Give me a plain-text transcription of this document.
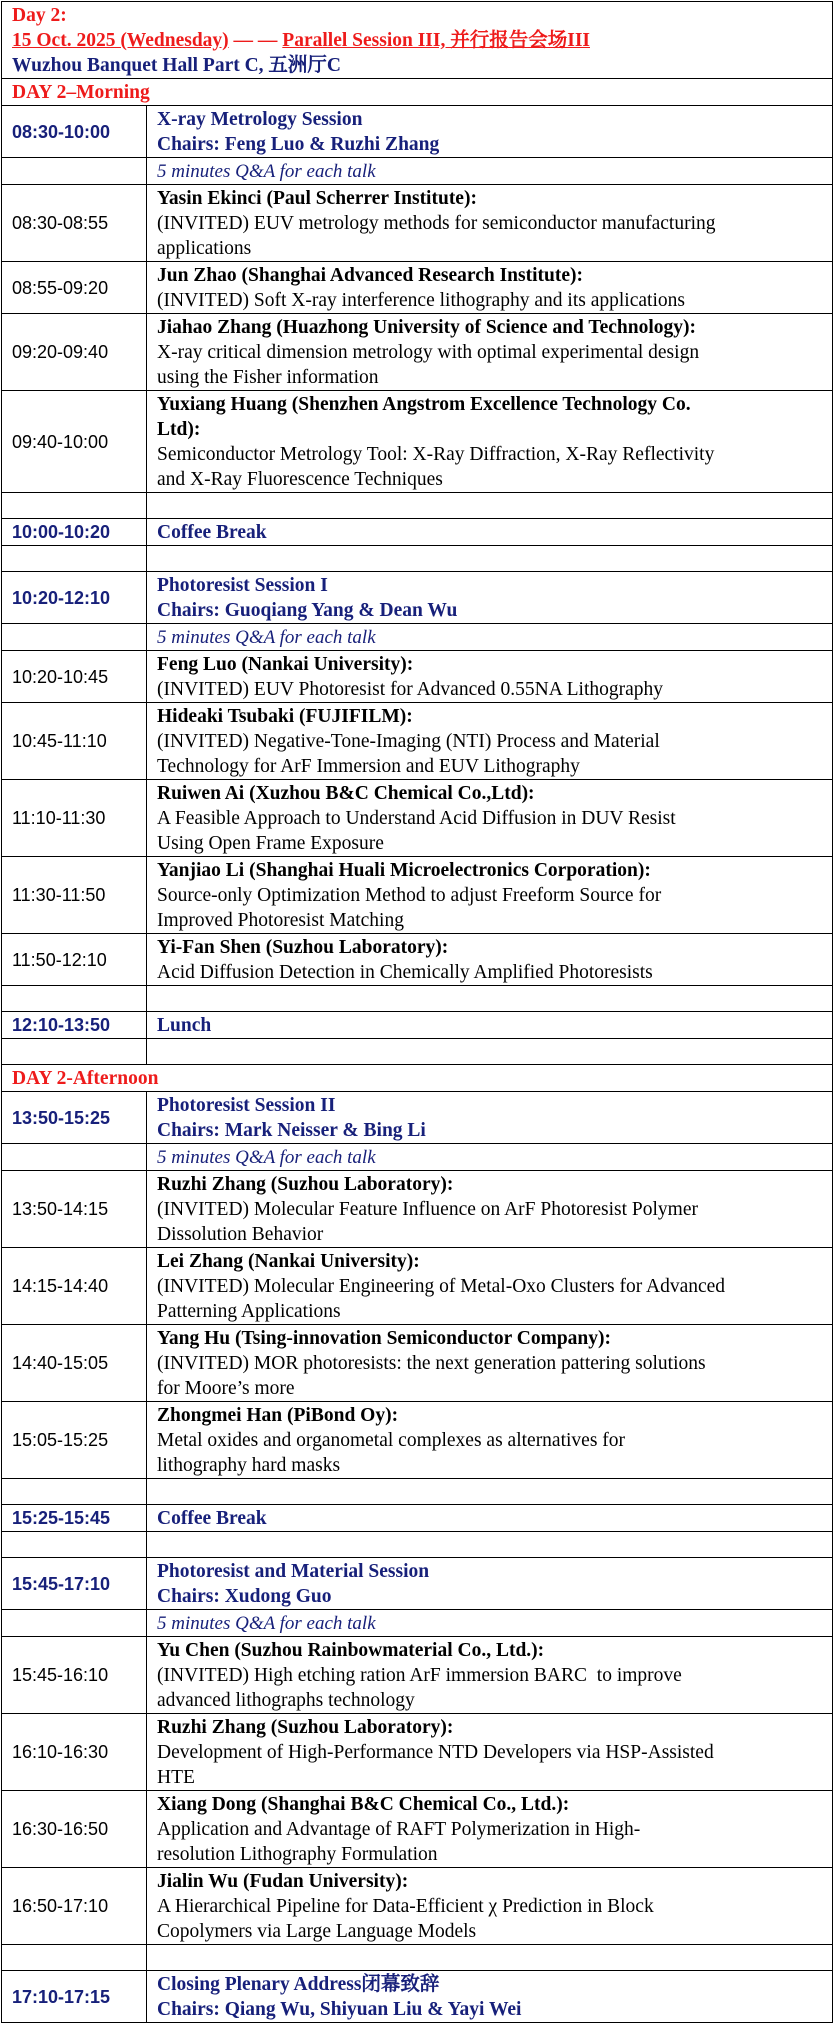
Day 2:
15 Oct. 2025 (Wednesday) — — Parallel Session III, 并行报告会场III
Wuzhou Banquet Hall Part C, 五洲厅C	

DAY 2–Morning	
08:30-10:00	X-ray Metrology Session
Chairs: Feng Luo & Ruzhi Zhang

	5 minutes Q&A for each talk
08:30-08:55	Yasin Ekinci (Paul Scherrer Institute):
(INVITED) EUV metrology methods for semiconductor manufacturing
applications

08:55-09:20	Jun Zhao (Shanghai Advanced Research Institute):
(INVITED) Soft X-ray interference lithography and its applications

09:20-09:40	Jiahao Zhang (Huazhong University of Science and Technology):
X-ray critical dimension metrology with optimal experimental design
using the Fisher information

09:40-10:00	Yuxiang Huang (Shenzhen Angstrom Excellence Technology Co.
Ltd):
Semiconductor Metrology Tool: X-Ray Diffraction, X-Ray Reflectivity
and X-Ray Fluorescence Techniques

10:00-10:20	Coffee Break

10:20-12:10	Photoresist Session I
Chairs: Guoqiang Yang & Dean Wu

	5 minutes Q&A for each talk
10:20-10:45	Feng Luo (Nankai University):
(INVITED) EUV Photoresist for Advanced 0.55NA Lithography

10:45-11:10	Hideaki Tsubaki (FUJIFILM):
(INVITED) Negative-Tone-Imaging (NTI) Process and Material
Technology for ArF Immersion and EUV Lithography

11:10-11:30	Ruiwen Ai (Xuzhou B&C Chemical Co.,Ltd):
A Feasible Approach to Understand Acid Diffusion in DUV Resist
Using Open Frame Exposure

11:30-11:50	Yanjiao Li (Shanghai Huali Microelectronics Corporation):
Source-only Optimization Method to adjust Freeform Source for
Improved Photoresist Matching

11:50-12:10	Yi-Fan Shen (Suzhou Laboratory):
Acid Diffusion Detection in Chemically Amplified Photoresists

12:10-13:50	Lunch

DAY 2-Afternoon	
13:50-15:25	Photoresist Session II
Chairs: Mark Neisser & Bing Li

	5 minutes Q&A for each talk
13:50-14:15	Ruzhi Zhang (Suzhou Laboratory):
(INVITED) Molecular Feature Influence on ArF Photoresist Polymer
Dissolution Behavior

14:15-14:40	Lei Zhang (Nankai University):
(INVITED) Molecular Engineering of Metal-Oxo Clusters for Advanced
Patterning Applications

14:40-15:05	Yang Hu (Tsing-innovation Semiconductor Company):
(INVITED) MOR photoresists: the next generation pattering solutions
for Moore’s more

15:05-15:25	Zhongmei Han (PiBond Oy):
Metal oxides and organometal complexes as alternatives for
lithography hard masks

15:25-15:45	Coffee Break

15:45-17:10	Photoresist and Material Session
Chairs: Xudong Guo

	5 minutes Q&A for each talk
15:45-16:10	Yu Chen (Suzhou Rainbowmaterial Co., Ltd.):
(INVITED) High etching ration ArF immersion BARC  to improve
advanced lithographs technology

16:10-16:30	Ruzhi Zhang (Suzhou Laboratory):
Development of High-Performance NTD Developers via HSP-Assisted
HTE

16:30-16:50	Xiang Dong (Shanghai B&C Chemical Co., Ltd.):
Application and Advantage of RAFT Polymerization in High-
resolution Lithography Formulation

16:50-17:10	Jialin Wu (Fudan University):
A Hierarchical Pipeline for Data-Efficient χ Prediction in Block
Copolymers via Large Language Models

17:10-17:15	Closing Plenary Address闭幕致辞
Chairs: Qiang Wu, Shiyuan Liu & Yayi Wei
